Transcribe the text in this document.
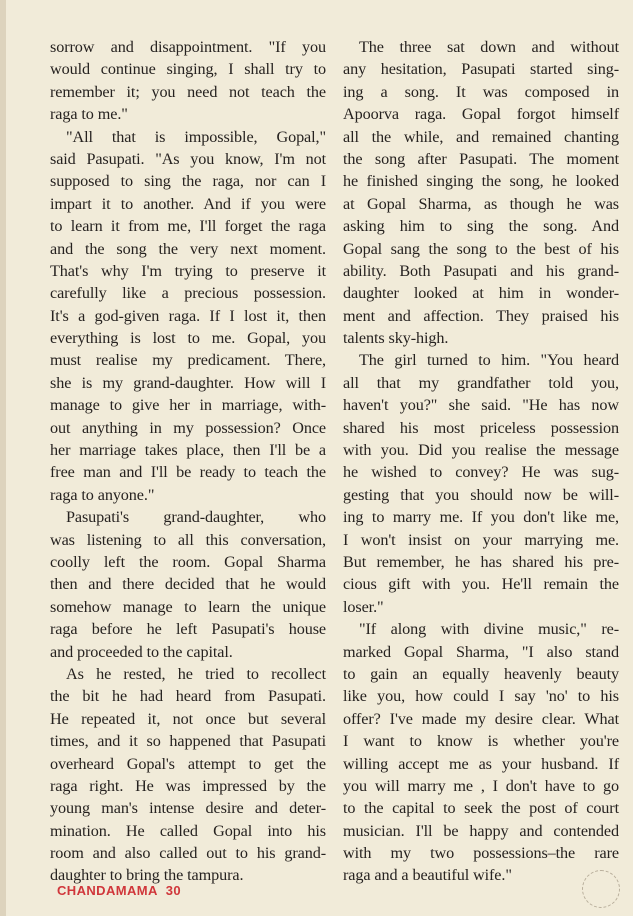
sorrow and disappointment. "If you
would continue singing, I shall try to
remember it; you need not teach the
raga to me."
"All that is impossible, Gopal,"
said Pasupati. "As you know, I'm not
supposed to sing the raga, nor can I
impart it to another. And if you were
to learn it from me, I'll forget the raga
and the song the very next moment.
That's why I'm trying to preserve it
carefully like a precious possession.
It's a god-given raga. If I lost it, then
everything is lost to me. Gopal, you
must realise my predicament. There,
she is my grand-daughter. How will I
manage to give her in marriage, with-
out anything in my possession? Once
her marriage takes place, then I'll be a
free man and I'll be ready to teach the
raga to anyone."
Pasupati's grand-daughter, who
was listening to all this conversation,
coolly left the room. Gopal Sharma
then and there decided that he would
somehow manage to learn the unique
raga before he left Pasupati's house
and proceeded to the capital.
As he rested, he tried to recollect
the bit he had heard from Pasupati.
He repeated it, not once but several
times, and it so happened that Pasupati
overheard Gopal's attempt to get the
raga right. He was impressed by the
young man's intense desire and deter-
mination. He called Gopal into his
room and also called out to his grand-
daughter to bring the tampura.
The three sat down and without
any hesitation, Pasupati started sing-
ing a song. It was composed in
Apoorva raga. Gopal forgot himself
all the while, and remained chanting
the song after Pasupati. The moment
he finished singing the song, he looked
at Gopal Sharma, as though he was
asking him to sing the song. And
Gopal sang the song to the best of his
ability. Both Pasupati and his grand-
daughter looked at him in wonder-
ment and affection. They praised his
talents sky-high.
The girl turned to him. "You heard
all that my grandfather told you,
haven't you?" she said. "He has now
shared his most priceless possession
with you. Did you realise the message
he wished to convey? He was sug-
gesting that you should now be will-
ing to marry me. If you don't like me,
I won't insist on your marrying me.
But remember, he has shared his pre-
cious gift with you. He'll remain the
loser."
"If along with divine music," re-
marked Gopal Sharma, "I also stand
to gain an equally heavenly beauty
like you, how could I say 'no' to his
offer? I've made my desire clear. What
I want to know is whether you're
willing accept me as your husband. If
you will marry me , I don't have to go
to the capital to seek the post of court
musician. I'll be happy and contended
with my two possessions–the rare
raga and a beautiful wife."
CHANDAMAMA 30
